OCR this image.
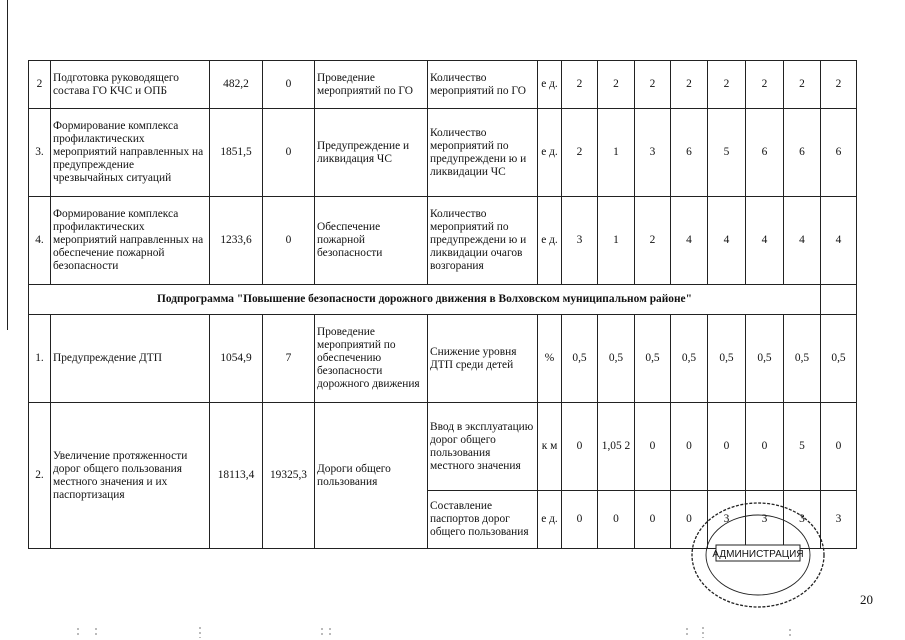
2	Подготовка руководящего состава ГО КЧС и ОПБ	482,2	0	Проведение мероприятий по ГО	Количество мероприятий по ГО	е д.	2	2	2	2	2	2	2	2
3.	Формирование комплекса профилактических мероприятий направленных на предупреждение чрезвычайных ситуаций	1851,5	0	Предупреждение и ликвидация ЧС	Количество мероприятий по предупреждени ю и ликвидации ЧС	е д.	2	1	3	6	5	6	6	6
4.	Формирование комплекса профилактических мероприятий направленных на обеспечение пожарной безопасности	1233,6	0	Обеспечение пожарной безопасности	Количество мероприятий по предупреждени ю и ликвидации очагов возгорания	е д.	3	1	2	4	4	4	4	4
Подпрограмма "Повышение безопасности дорожного движения в Волховском муниципальном районе"														
1.	Предупреждение ДТП	1054,9	7	Проведение мероприятий по обеспечению безопасности дорожного движения	Снижение уровня ДТП среди детей	%	0,5	0,5	0,5	0,5	0,5	0,5	0,5	0,5
2.	Увеличение протяженности дорог общего пользования местного значения и их паспортизация	18113,4	19325,3	Дороги общего пользования	Ввод в эксплуатацию дорог общего пользования местного значения	к м	0	1,05 2	0	0	0	0	5	0
					Составление паспортов дорог общего пользования	е д.	0	0	0	0	3	3	3	3
АДМИНИСТРАЦИЯ
20
